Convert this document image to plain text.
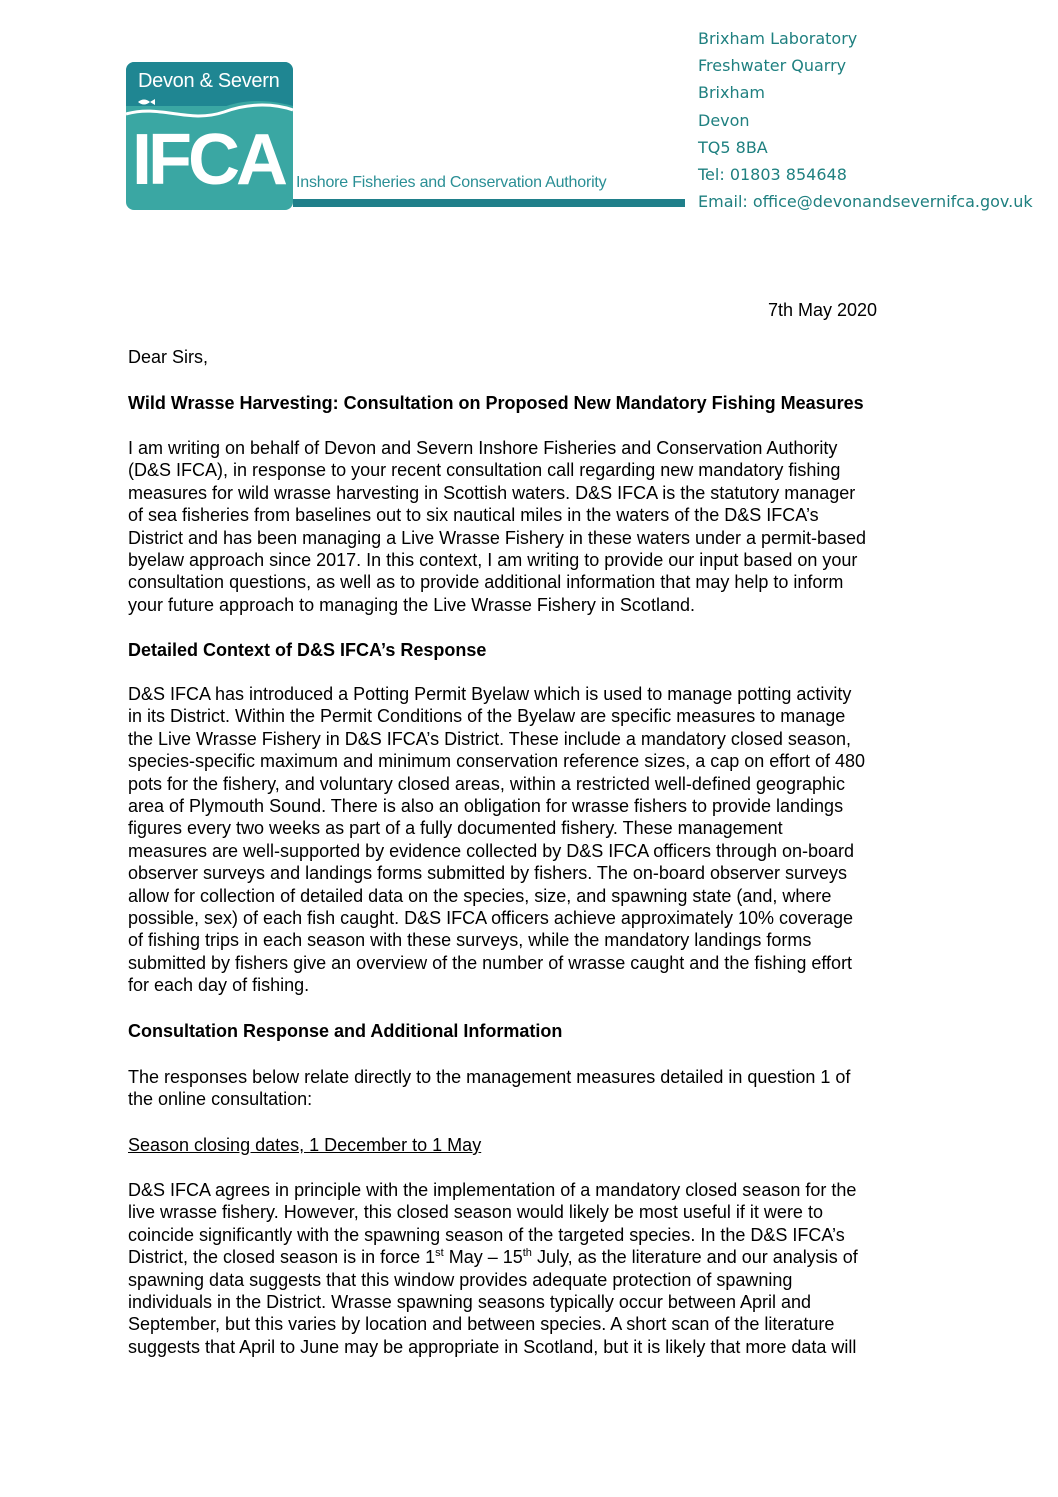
Devon & Severn
IFCA Inshore Fisheries and Conservation Authority
Brixham Laboratory
Freshwater Quarry
Brixham
Devon
TQ5 8BA
Tel: 01803 854648
Email: office@devonandsevernifca.gov.uk
7th May 2020
Dear Sirs,
Wild Wrasse Harvesting: Consultation on Proposed New Mandatory Fishing Measures
I am writing on behalf of Devon and Severn Inshore Fisheries and Conservation Authority
(D&S IFCA), in response to your recent consultation call regarding new mandatory fishing
measures for wild wrasse harvesting in Scottish waters. D&S IFCA is the statutory manager
of sea fisheries from baselines out to six nautical miles in the waters of the D&S IFCA’s
District and has been managing a Live Wrasse Fishery in these waters under a permit-based
byelaw approach since 2017. In this context, I am writing to provide our input based on your
consultation questions, as well as to provide additional information that may help to inform
your future approach to managing the Live Wrasse Fishery in Scotland.
Detailed Context of D&S IFCA’s Response
D&S IFCA has introduced a Potting Permit Byelaw which is used to manage potting activity
in its District. Within the Permit Conditions of the Byelaw are specific measures to manage
the Live Wrasse Fishery in D&S IFCA’s District. These include a mandatory closed season,
species-specific maximum and minimum conservation reference sizes, a cap on effort of 480
pots for the fishery, and voluntary closed areas, within a restricted well-defined geographic
area of Plymouth Sound. There is also an obligation for wrasse fishers to provide landings
figures every two weeks as part of a fully documented fishery. These management
measures are well-supported by evidence collected by D&S IFCA officers through on-board
observer surveys and landings forms submitted by fishers. The on-board observer surveys
allow for collection of detailed data on the species, size, and spawning state (and, where
possible, sex) of each fish caught. D&S IFCA officers achieve approximately 10% coverage
of fishing trips in each season with these surveys, while the mandatory landings forms
submitted by fishers give an overview of the number of wrasse caught and the fishing effort
for each day of fishing.
Consultation Response and Additional Information
The responses below relate directly to the management measures detailed in question 1 of
the online consultation:
Season closing dates, 1 December to 1 May
D&S IFCA agrees in principle with the implementation of a mandatory closed season for the
live wrasse fishery. However, this closed season would likely be most useful if it were to
coincide significantly with the spawning season of the targeted species. In the D&S IFCA’s
District, the closed season is in force 1st May – 15th July, as the literature and our analysis of
spawning data suggests that this window provides adequate protection of spawning
individuals in the District. Wrasse spawning seasons typically occur between April and
September, but this varies by location and between species. A short scan of the literature
suggests that April to June may be appropriate in Scotland, but it is likely that more data will
